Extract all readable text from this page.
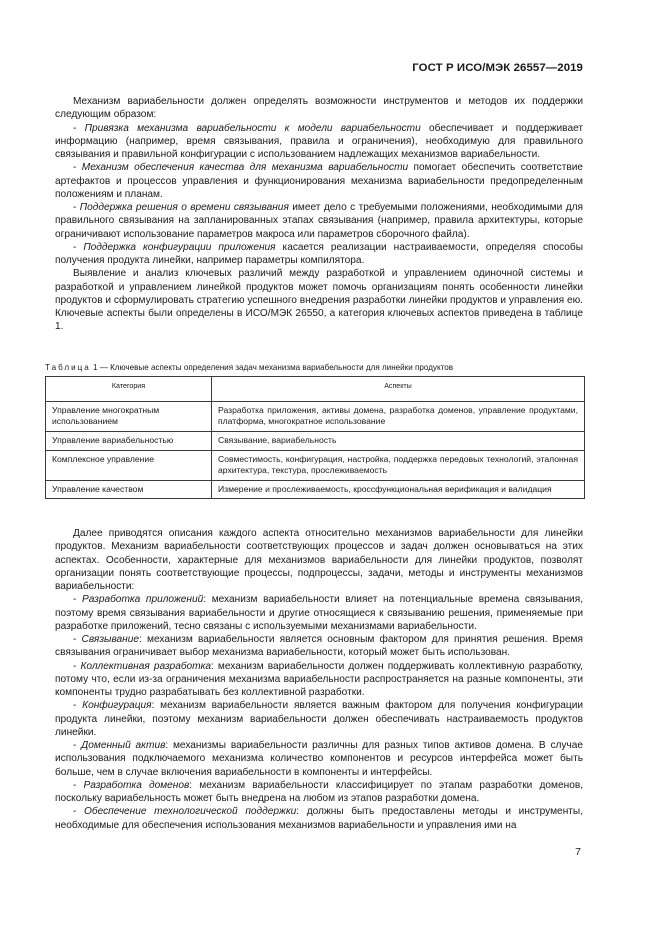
ГОСТ Р ИСО/МЭК 26557—2019

Механизм вариабельности должен определять возможности инструментов и методов их поддержки следующим образом:

- Привязка механизма вариабельности к модели вариабельности обеспечивает и поддерживает информацию (например, время связывания, правила и ограничения), необходимую для правильного связывания и правильной конфигурации с использованием надлежащих механизмов вариабельности.

- Механизм обеспечения качества для механизма вариабельности помогает обеспечить соответствие артефактов и процессов управления и функционирования механизма вариабельности предопределенным положениям и планам.

- Поддержка решения о времени связывания имеет дело с требуемыми положениями, необходимыми для правильного связывания на запланированных этапах связывания (например, правила архитектуры, которые ограничивают использование параметров макроса или параметров сборочного файла).

- Поддержка конфигурации приложения касается реализации настраиваемости, определяя способы получения продукта линейки, например параметры компилятора.

Выявление и анализ ключевых различий между разработкой и управлением одиночной системы и разработкой и управлением линейкой продуктов может помочь организациям понять особенности линейки продуктов и сформулировать стратегию успешного внедрения разработки линейки продуктов и управления ею. Ключевые аспекты были определены в ИСО/МЭК 26550, а категория ключевых аспектов приведена в таблице 1.

Таблица 1 — Ключевые аспекты определения задач механизма вариабельности для линейки продуктов
Категория	Аспекты
Управление многократным использованием	Разработка приложения, активы домена, разработка доменов, управление продуктами, платформа, многократное использование
Управление вариабельностью	Связывание, вариабельность
Комплексное управление	Совместимость, конфигурация, настройка, поддержка передовых технологий, эталонная архитектура, текстура, прослеживаемость
Управление качеством	Измерение и прослеживаемость, кроссфункциональная верификация и валидация

Далее приводятся описания каждого аспекта относительно механизмов вариабельности для линейки продуктов. Механизм вариабельности соответствующих процессов и задач должен основываться на этих аспектах. Особенности, характерные для механизмов вариабельности для линейки продуктов, позволят организации понять соответствующие процессы, подпроцессы, задачи, методы и инструменты механизмов вариабельности:

- Разработка приложений: механизм вариабельности влияет на потенциальные времена связывания, поэтому время связывания вариабельности и другие относящиеся к связыванию решения, применяемые при разработке приложений, тесно связаны с используемыми механизмами вариабельности.

- Связывание: механизм вариабельности является основным фактором для принятия решения. Время связывания ограничивает выбор механизма вариабельности, который может быть использован.

- Коллективная разработка: механизм вариабельности должен поддерживать коллективную разработку, потому что, если из-за ограничения механизма вариабельности распространяется на разные компоненты, эти компоненты трудно разрабатывать без коллективной разработки.

- Конфигурация: механизм вариабельности является важным фактором для получения конфигурации продукта линейки, поэтому механизм вариабельности должен обеспечивать настраиваемость продуктов линейки.

- Доменный актив: механизмы вариабельности различны для разных типов активов домена. В случае использования подключаемого механизма количество компонентов и ресурсов интерфейса может быть больше, чем в случае включения вариабельности в компоненты и интерфейсы.

- Разработка доменов: механизм вариабельности классифицирует по этапам разработки доменов, поскольку вариабельность может быть внедрена на любом из этапов разработки домена.

- Обеспечение технологической поддержки: должны быть предоставлены методы и инструменты, необходимые для обеспечения использования механизмов вариабельности и управления ими на

7
